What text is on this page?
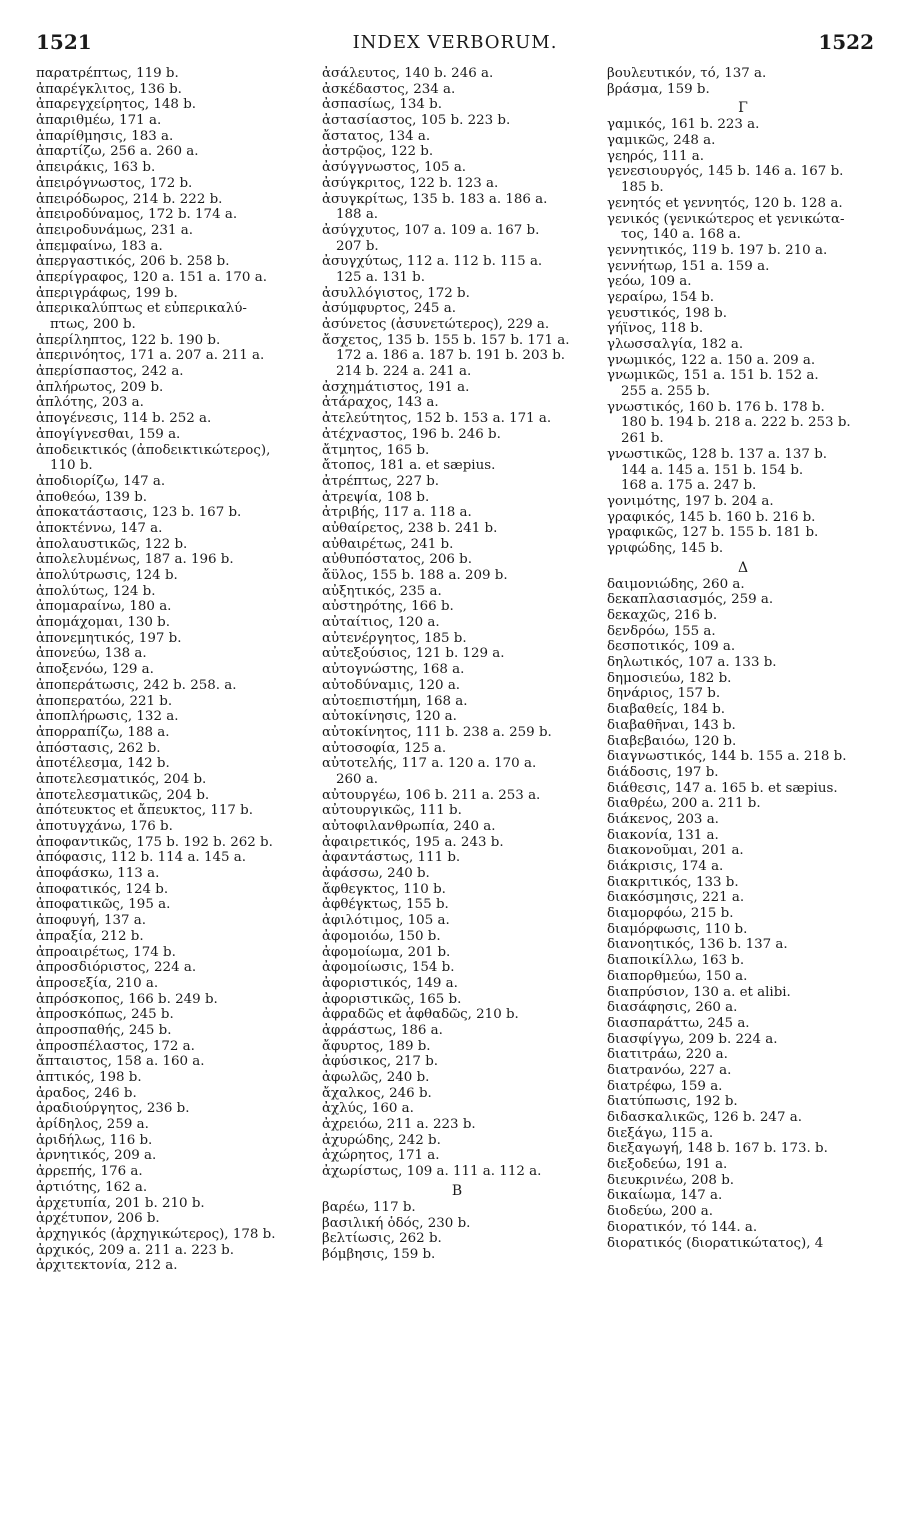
1521	INDEX VERBORUM.	1522
παρατρέπτως, 119 b.
ἀπαρέγκλιτος, 136 b.
ἀπαρεγχείρητος, 148 b.
ἀπαριθμέω, 171 a.
ἀπαρίθμησις, 183 a.
ἀπαρτίζω, 256 a. 260 a.
ἀπειράκις, 163 b.
ἀπειρόγνωστος, 172 b.
ἀπειρόδωρος, 214 b. 222 b.
ἀπειροδύναμος, 172 b. 174 a.
ἀπειροδυνάμως, 231 a.
ἀπεμφαίνω, 183 a.
ἀπεργαστικός, 206 b. 258 b.
ἀπερίγραφος, 120 a. 151 a. 170 a.
ἀπεριγράφως, 199 b.
ἀπερικαλύπτως et εὐπερικαλύ-
πτως, 200 b.
ἀπερίληπτος, 122 b. 190 b.
ἀπερινόητος, 171 a. 207 a. 211 a.
ἀπερίσπαστος, 242 a.
ἀπλήρωτος, 209 b.
ἁπλότης, 203 a.
ἀπογένεσις, 114 b. 252 a.
ἀπογίγνεσθαι, 159 a.
ἀποδεικτικός (ἀποδεικτικώτερος),
110 b.
ἀποδιορίζω, 147 a.
ἀποθεόω, 139 b.
ἀποκατάστασις, 123 b. 167 b.
ἀποκτέννω, 147 a.
ἀπολαυστικῶς, 122 b.
ἀπολελυμένως, 187 a. 196 b.
ἀπολύτρωσις, 124 b.
ἀπολύτως, 124 b.
ἀπομαραίνω, 180 a.
ἀπομάχομαι, 130 b.
ἀπονεμητικός, 197 b.
ἀπονεύω, 138 a.
ἀποξενόω, 129 a.
ἀποπεράτωσις, 242 b. 258. a.
ἀποπερατόω, 221 b.
ἀποπλήρωσις, 132 a.
ἀπορραπίζω, 188 a.
ἀπόστασις, 262 b.
ἀποτέλεσμα, 142 b.
ἀποτελεσματικός, 204 b.
ἀποτελεσματικῶς, 204 b.
ἀπότευκτος et ἄπευκτος, 117 b.
ἀποτυγχάνω, 176 b.
ἀποφαντικῶς, 175 b. 192 b. 262 b.
ἀπόφασις, 112 b. 114 a. 145 a.
ἀποφάσκω, 113 a.
ἀποφατικός, 124 b.
ἀποφατικῶς, 195 a.
ἀποφυγή, 137 a.
ἀπραξία, 212 b.
ἀπροαιρέτως, 174 b.
ἀπροσδιόριστος, 224 a.
ἀπροσεξία, 210 a.
ἀπρόσκοπος, 166 b. 249 b.
ἀπροσκόπως, 245 b.
ἀπροσπαθής, 245 b.
ἀπροσπέλαστος, 172 a.
ἄπταιστος, 158 a. 160 a.
ἀπτικός, 198 b.
ἀραδος, 246 b.
ἀραδιούργητος, 236 b.
ἀρίδηλος, 259 a.
ἀριδήλως, 116 b.
ἀρνητικός, 209 a.
ἀρρεπής, 176 a.
ἀρτιότης, 162 a.
ἀρχετυπία, 201 b. 210 b.
ἀρχέτυπον, 206 b.
ἀρχηγικός (ἀρχηγικώτερος), 178 b.
ἀρχικός, 209 a. 211 a. 223 b.
ἀρχιτεκτονία, 212 a.
ἀσάλευτος, 140 b. 246 a.
ἀσκέδαστος, 234 a.
ἀσπασίως, 134 b.
ἀστασίαστος, 105 b. 223 b.
ἄστατος, 134 a.
ἀστρῷος, 122 b.
ἀσύγγνωστος, 105 a.
ἀσύγκριτος, 122 b. 123 a.
ἀσυγκρίτως, 135 b. 183 a. 186 a.
188 a.
ἀσύγχυτος, 107 a. 109 a. 167 b.
207 b.
ἀσυγχύτως, 112 a. 112 b. 115 a.
125 a. 131 b.
ἀσυλλόγιστος, 172 b.
ἀσύμφυρτος, 245 a.
ἀσύνετος (ἀσυνετώτερος), 229 a.
ἄσχετος, 135 b. 155 b. 157 b. 171 a.
172 a. 186 a. 187 b. 191 b. 203 b.
214 b. 224 a. 241 a.
ἀσχημάτιστος, 191 a.
ἀτάραχος, 143 a.
ἀτελεύτητος, 152 b. 153 a. 171 a.
ἀτέχναστος, 196 b. 246 b.
ἄτμητος, 165 b.
ἄτοπος, 181 a. et sæpius.
ἀτρέπτως, 227 b.
ἀτρεψία, 108 b.
ἀτριβής, 117 a. 118 a.
αὐθαίρετος, 238 b. 241 b.
αὐθαιρέτως, 241 b.
αὐθυπόστατος, 206 b.
ἄϋλος, 155 b. 188 a. 209 b.
αὐξητικός, 235 a.
αὐστηρότης, 166 b.
αὐταίτιος, 120 a.
αὐτενέργητος, 185 b.
αὐτεξούσιος, 121 b. 129 a.
αὐτογνώστης, 168 a.
αὐτοδύναμις, 120 a.
αὐτοεπιστήμη, 168 a.
αὐτοκίνησις, 120 a.
αὐτοκίνητος, 111 b. 238 a. 259 b.
αὐτοσοφία, 125 a.
αὐτοτελής, 117 a. 120 a. 170 a.
260 a.
αὐτουργέω, 106 b. 211 a. 253 a.
αὐτουργικῶς, 111 b.
αὐτοφιλανθρωπία, 240 a.
ἀφαιρετικός, 195 a. 243 b.
ἀφαντάστως, 111 b.
ἀφάσσω, 240 b.
ἄφθεγκτος, 110 b.
ἀφθέγκτως, 155 b.
ἀφιλότιμος, 105 a.
ἀφομοιόω, 150 b.
ἀφομοίωμα, 201 b.
ἀφομοίωσις, 154 b.
ἀφοριστικός, 149 a.
ἀφοριστικῶς, 165 b.
ἀφραδῶς et ἀφθαδῶς, 210 b.
ἀφράστως, 186 a.
ἄφυρτος, 189 b.
ἀφύσικος, 217 b.
ἀφωλῶς, 240 b.
ἄχαλκος, 246 b.
ἀχλύς, 160 a.
ἀχρειόω, 211 a. 223 b.
ἀχυρώδης, 242 b.
ἀχώρητος, 171 a.
ἀχωρίστως, 109 a. 111 a. 112 a.
Β
βαρέω, 117 b.
βασιλική ὁδός, 230 b.
βελτίωσις, 262 b.
βόμβησις, 159 b.
βουλευτικόν, τό, 137 a.
βράσμα, 159 b.
Γ
γαμικός, 161 b. 223 a.
γαμικῶς, 248 a.
γεηρός, 111 a.
γενεσιουργός, 145 b. 146 a. 167 b.
185 b.
γενητός et γεννητός, 120 b. 128 a.
γενικός (γενικώτερος et γενικώτα-
τος, 140 a. 168 a.
γεννητικός, 119 b. 197 b. 210 a.
γεννήτωρ, 151 a. 159 a.
γεόω, 109 a.
γεραίρω, 154 b.
γευστικός, 198 b.
γήϊνος, 118 b.
γλωσσαλγία, 182 a.
γνωμικός, 122 a. 150 a. 209 a.
γνωμικῶς, 151 a. 151 b. 152 a.
255 a. 255 b.
γνωστικός, 160 b. 176 b. 178 b.
180 b. 194 b. 218 a. 222 b. 253 b.
261 b.
γνωστικῶς, 128 b. 137 a. 137 b.
144 a. 145 a. 151 b. 154 b.
168 a. 175 a. 247 b.
γονιμότης, 197 b. 204 a.
γραφικός, 145 b. 160 b. 216 b.
γραφικῶς, 127 b. 155 b. 181 b.
γριφώδης, 145 b.
Δ
δαιμονιώδης, 260 a.
δεκαπλασιασμός, 259 a.
δεκαχῶς, 216 b.
δενδρόω, 155 a.
δεσποτικός, 109 a.
δηλωτικός, 107 a. 133 b.
δημοσιεύω, 182 b.
δηνάριος, 157 b.
διαβαθείς, 184 b.
διαβαθῆναι, 143 b.
διαβεβαιόω, 120 b.
διαγνωστικός, 144 b. 155 a. 218 b.
διάδοσις, 197 b.
διάθεσις, 147 a. 165 b. et sæpius.
διαθρέω, 200 a. 211 b.
διάκενος, 203 a.
διακονία, 131 a.
διακονοῦμαι, 201 a.
διάκρισις, 174 a.
διακριτικός, 133 b.
διακόσμησις, 221 a.
διαμορφόω, 215 b.
διαμόρφωσις, 110 b.
διανοητικός, 136 b. 137 a.
διαποικίλλω, 163 b.
διαπορθμεύω, 150 a.
διαπρύσιον, 130 a. et alibi.
διασάφησις, 260 a.
διασπαράττω, 245 a.
διασφίγγω, 209 b. 224 a.
διατιτράω, 220 a.
διατρανόω, 227 a.
διατρέφω, 159 a.
διατύπωσις, 192 b.
διδασκαλικῶς, 126 b. 247 a.
διεξάγω, 115 a.
διεξαγωγή, 148 b. 167 b. 173. b.
διεξοδεύω, 191 a.
διευκρινέω, 208 b.
δικαίωμα, 147 a.
διοδεύω, 200 a.
διορατικόν, τό 144. a.
διορατικός (διορατικώτατος), 4
